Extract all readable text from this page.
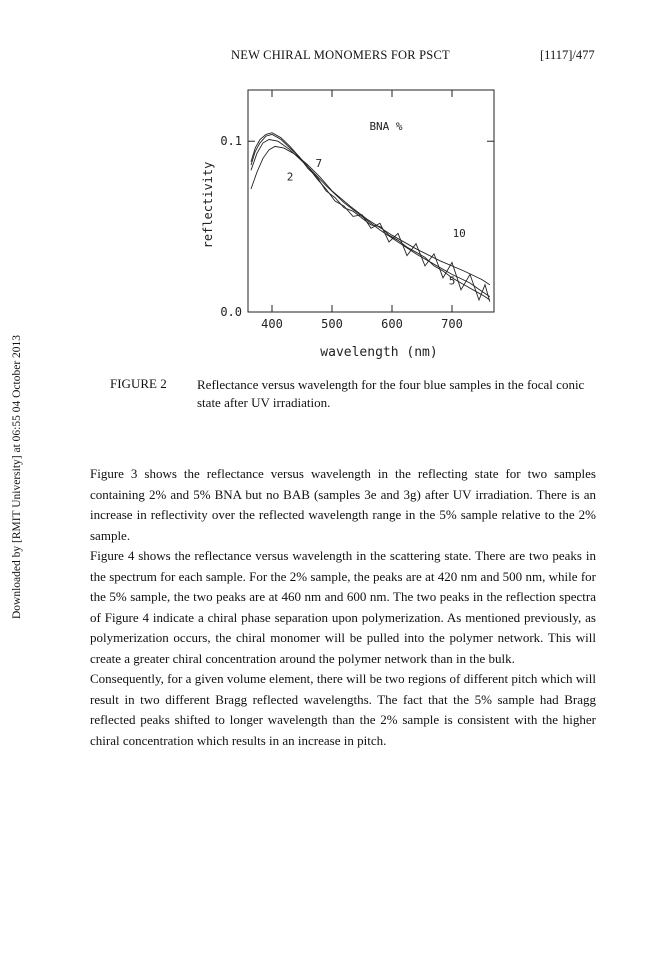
NEW CHIRAL MONOMERS FOR PSCT	[1117]/477
Downloaded by [RMIT University] at 06:55 04 October 2013
400	500	600	700
0.0
0.1
2
5
7
10
BNA %
wavelength (nm)
reflectivity
FIGURE 2 Reflectance versus wavelength for the four blue samples in the focal conic state after UV irradiation.

Figure 3 shows the reflectance versus wavelength in the reflecting state for two samples containing 2% and 5% BNA but no BAB (samples 3e and 3g) after UV irradiation. There is an increase in reflectivity over the reflected wavelength range in the 5% sample relative to the 2% sample.

Figure 4 shows the reflectance versus wavelength in the scattering state. There are two peaks in the spectrum for each sample. For the 2% sample, the peaks are at 420 nm and 500 nm, while for the 5% sample, the two peaks are at 460 nm and 600 nm. The two peaks in the reflection spectra of Figure 4 indicate a chiral phase separation upon polymerization. As mentioned previously, as polymerization occurs, the chiral monomer will be pulled into the polymer network. This will create a greater chiral concentration around the polymer network than in the bulk.

Consequently, for a given volume element, there will be two regions of different pitch which will result in two different Bragg reflected wavelengths. The fact that the 5% sample had Bragg reflected peaks shifted to longer wavelength than the 2% sample is consistent with the higher chiral concentration which results in an increase in pitch.
